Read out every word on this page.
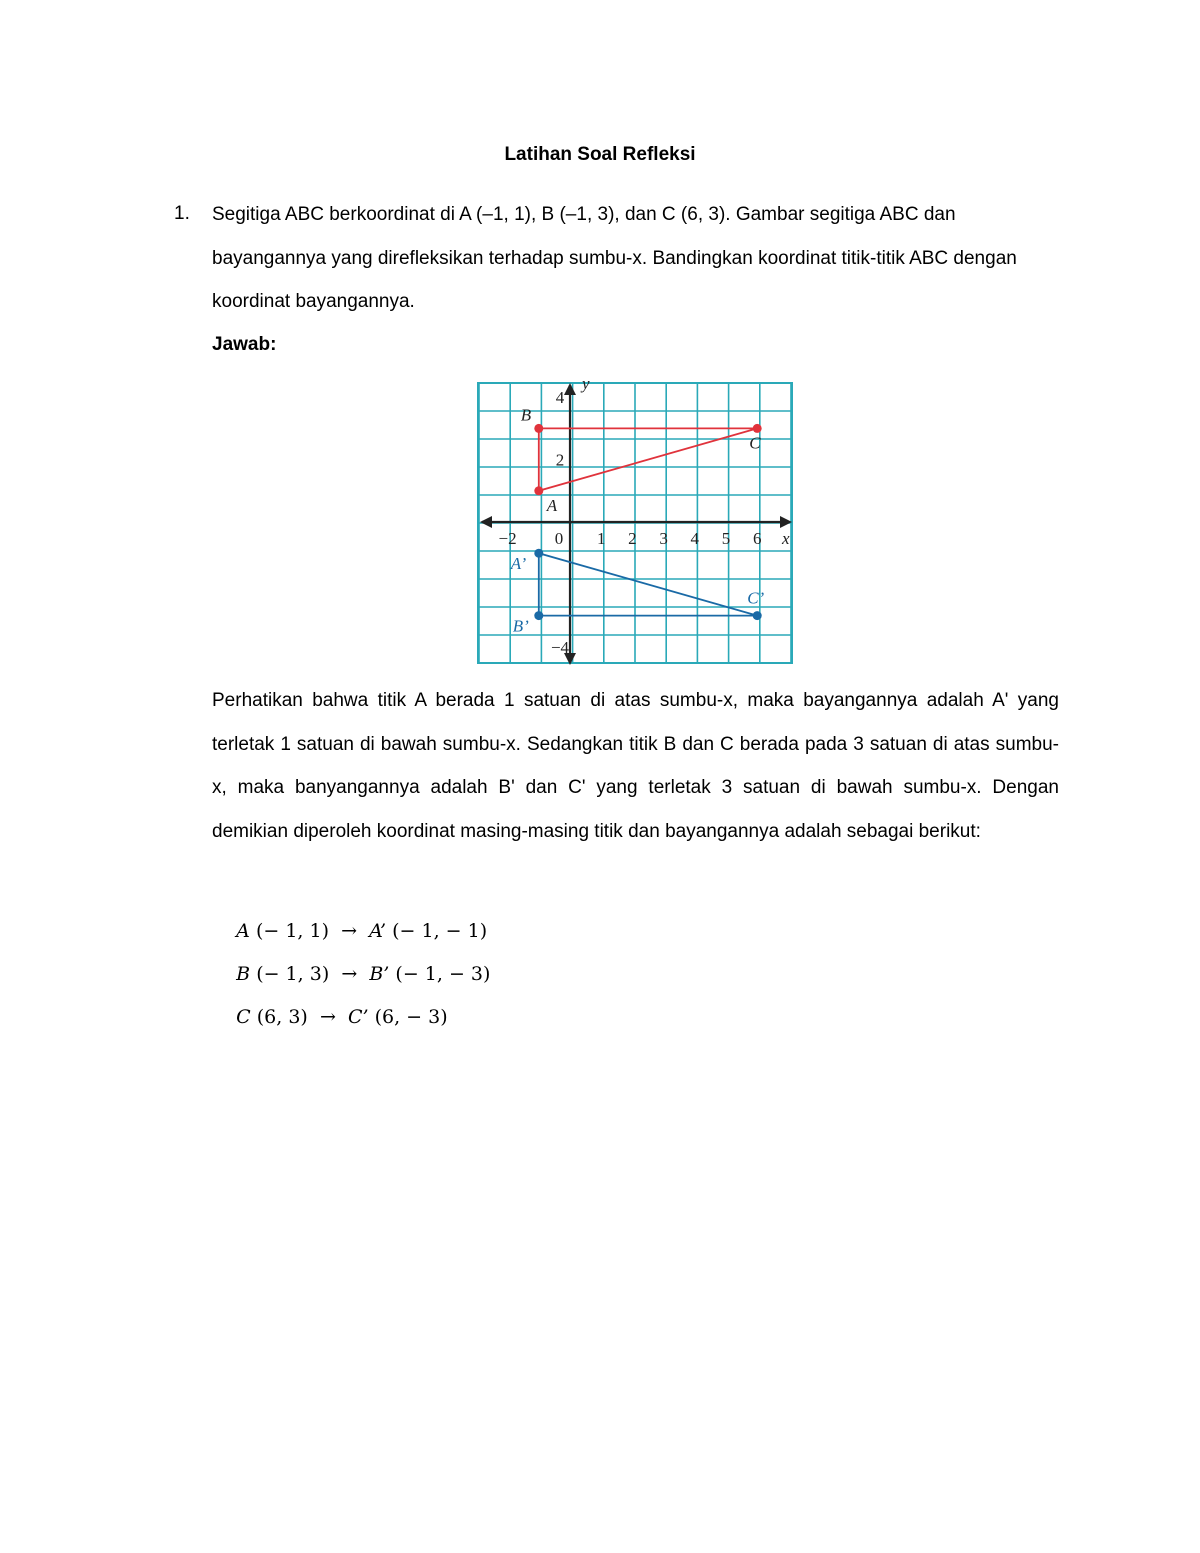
Latihan Soal Refleksi
1. Segitiga ABC berkoordinat di A (–1, 1), B (–1, 3), dan C (6, 3). Gambar segitiga ABC dan bayangannya yang direfleksikan terhadap sumbu-x. Bandingkan koordinat titik-titik ABC dengan koordinat bayangannya.
Jawab:
−2 0 1 2 3 4 5 6
4
2
−4
x
y
A
B
C
A’
B’
C’
Perhatikan bahwa titik A berada 1 satuan di atas sumbu-x, maka bayangannya adalah A' yang terletak 1 satuan di bawah sumbu-x. Sedangkan titik B dan C berada pada 3 satuan di atas sumbu-x, maka banyangannya adalah B' dan C' yang terletak 3 satuan di bawah sumbu-x. Dengan demikian diperoleh koordinat masing-masing titik dan bayangannya adalah sebagai berikut:

A (− 1, 1) → A’ (− 1, − 1)

B (− 1, 3) → B’ (− 1, − 3)

C (6, 3) → C’ (6, − 3)
